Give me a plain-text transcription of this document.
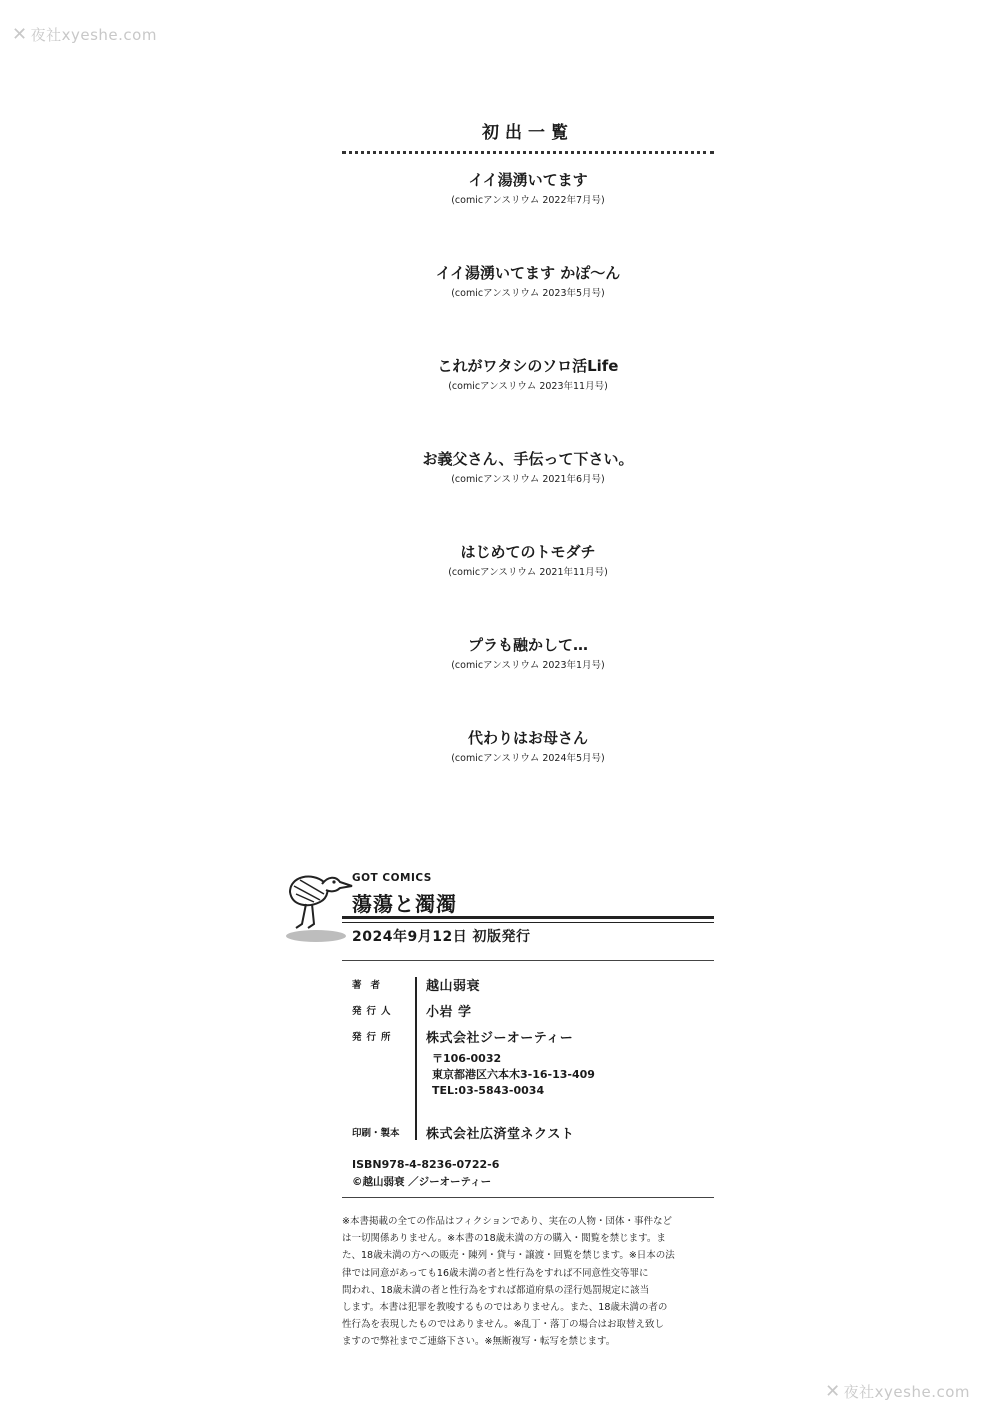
✕ 夜社xyeshe.com
初出一覧
イイ湯湧いてます
(comicアンスリウム 2022年7月号)
イイ湯湧いてます かぽ～ん
(comicアンスリウム 2023年5月号)
これがワタシのソロ活Life
(comicアンスリウム 2023年11月号)
お義父さん、手伝って下さい。
(comicアンスリウム 2021年6月号)
はじめてのトモダチ
(comicアンスリウム 2021年11月号)
プラも融かして…
(comicアンスリウム 2023年1月号)
代わりはお母さん
(comicアンスリウム 2024年5月号)
GOT COMICS
蕩蕩と濁濁
2024年9月12日 初版発行
著者	越山弱衰
発行人 小岩 学
発行所 株式会社ジーオーティー
〒106-0032
東京都港区六本木3-16-13-409
TEL:03-5843-0034
印刷・製本 株式会社広済堂ネクスト
ISBN978-4-8236-0722-6
©越山弱衰 ／ジーオーティー
※本書掲載の全ての作品はフィクションであり、実在の人物・団体・事件など
は一切関係ありません。※本書の18歳未満の方の購入・閲覧を禁じます。ま
た、18歳未満の方への販売・陳列・貸与・譲渡・回覧を禁じます。※日本の法
律では同意があっても16歳未満の者と性行為をすれば不同意性交等罪に
問われ、18歳未満の者と性行為をすれば都道府県の淫行処罰規定に該当
します。本書は犯罪を教唆するものではありません。また、18歳未満の者の
性行為を表現したものではありません。※乱丁・落丁の場合はお取替え致し
ますので弊社までご連絡下さい。※無断複写・転写を禁じます。
✕ 夜社xyeshe.com
